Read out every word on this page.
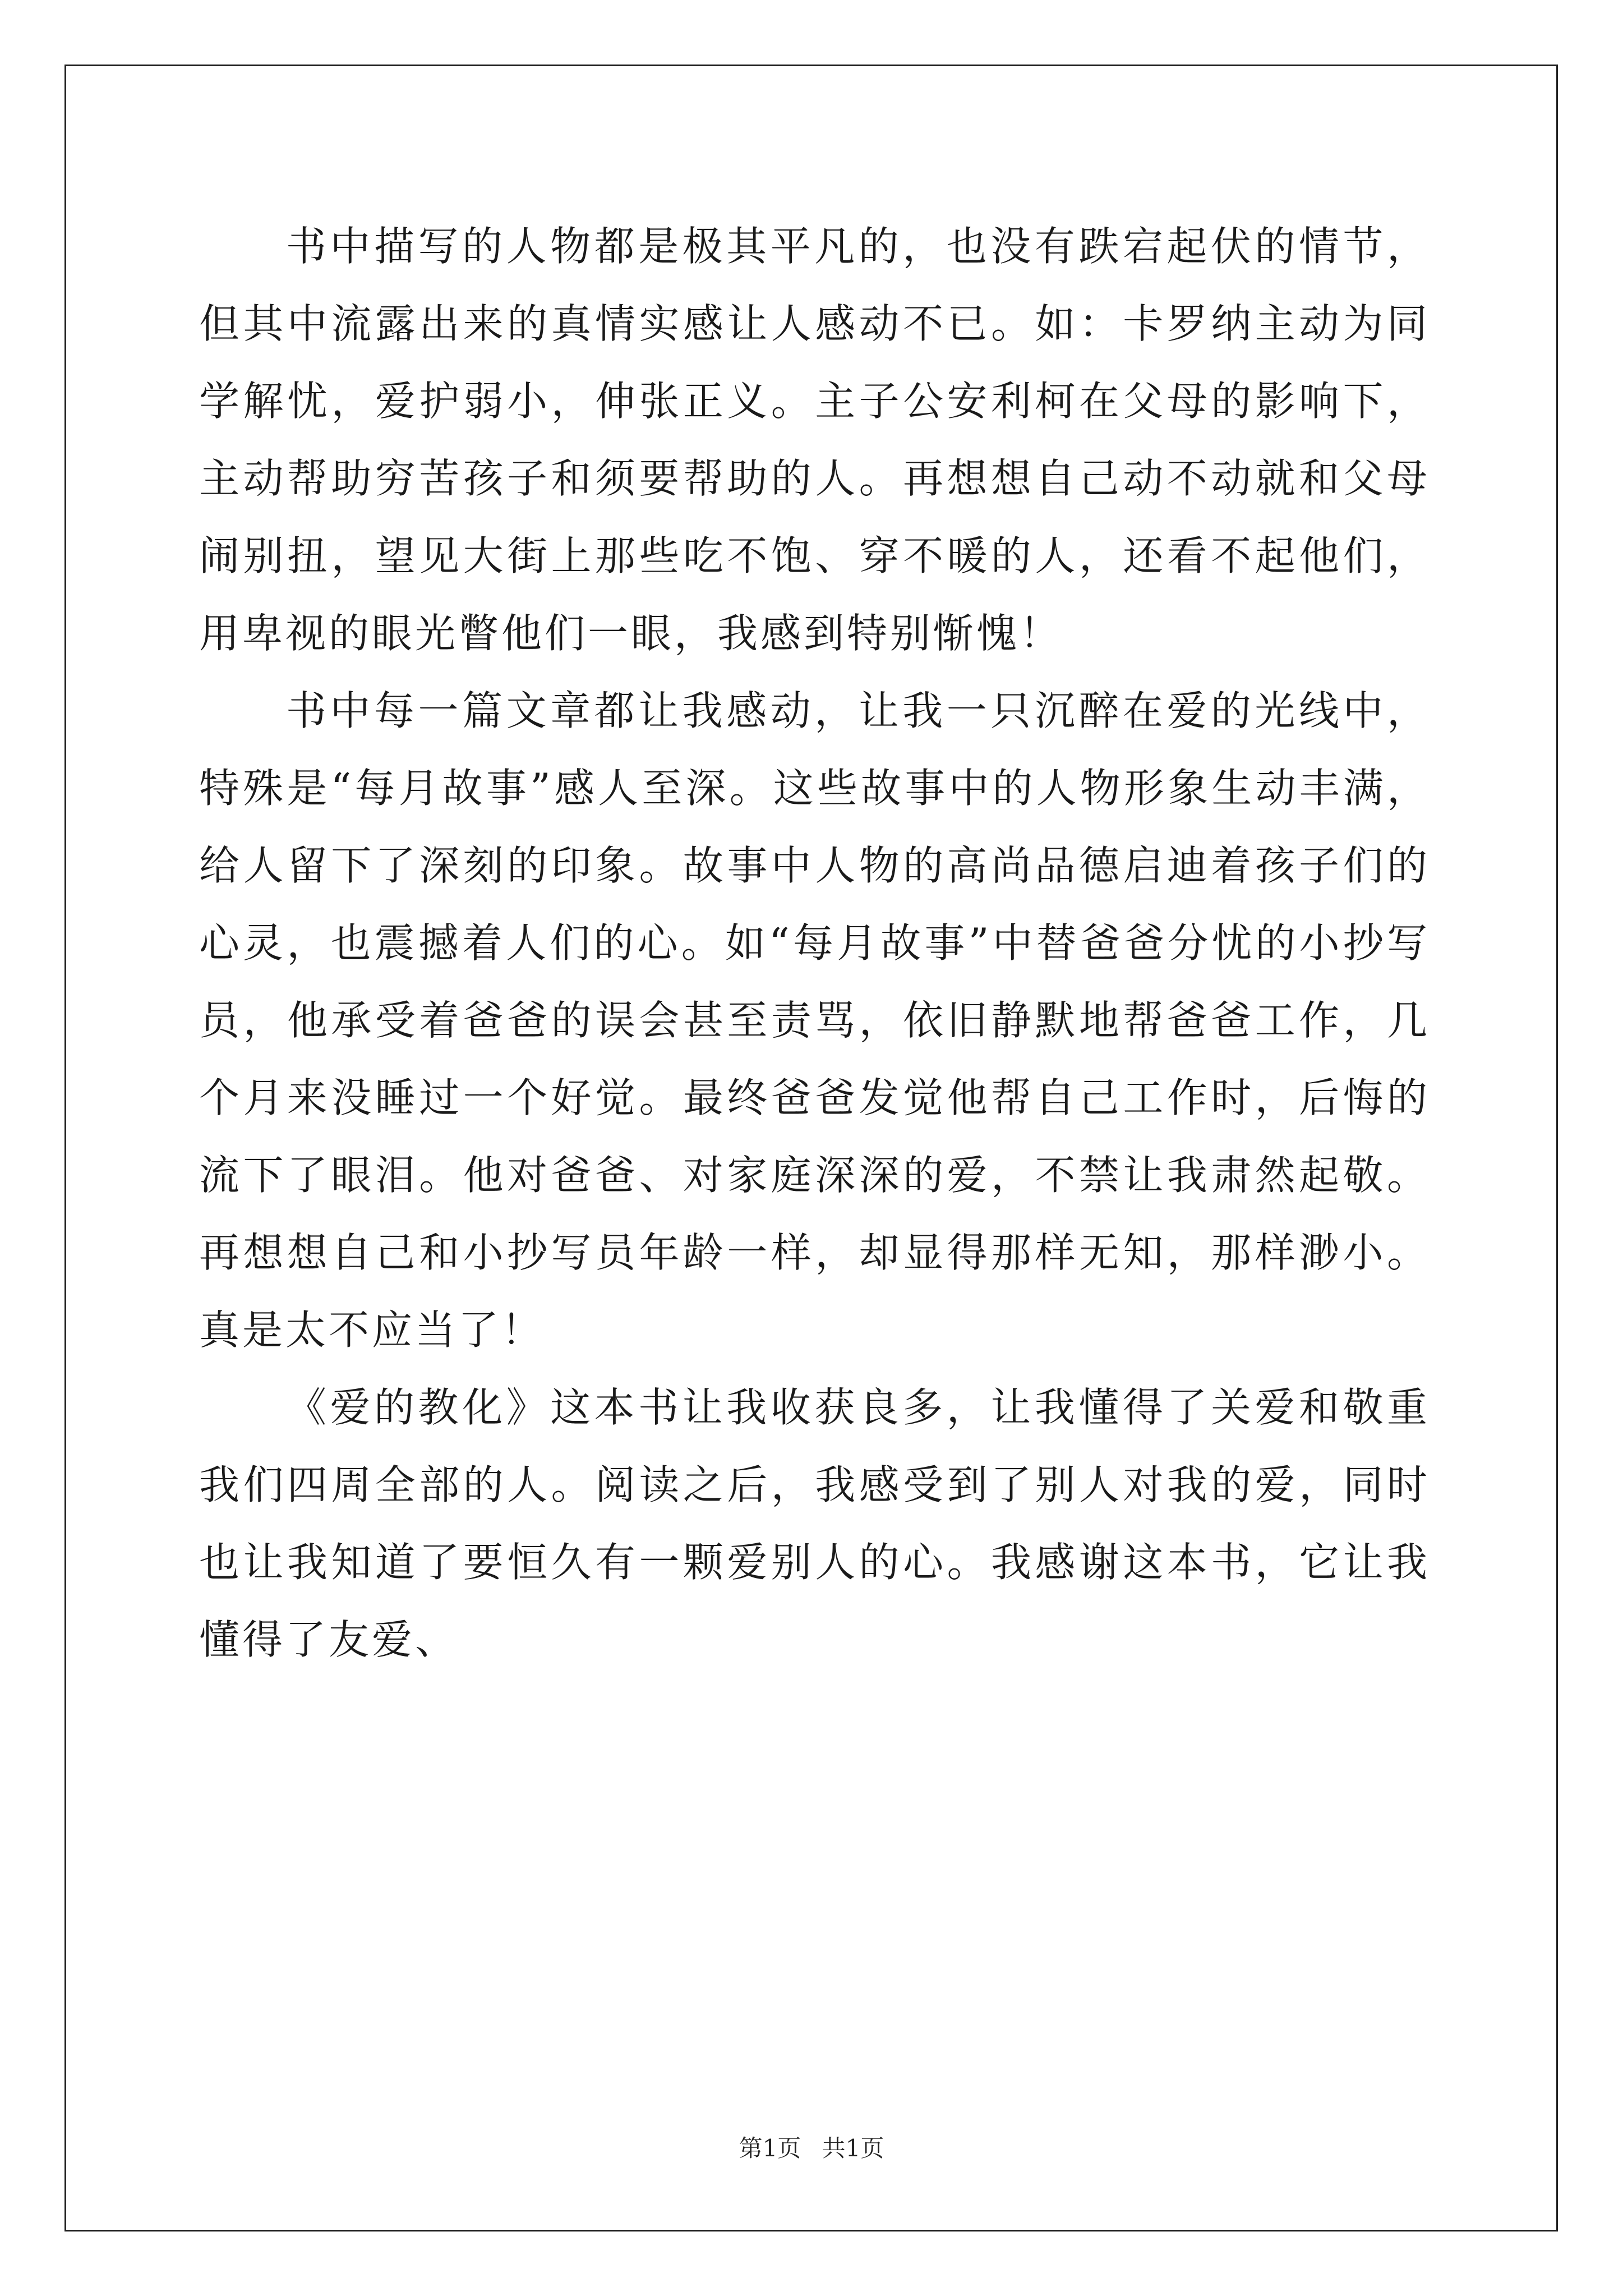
书中描写的人物都是极其平凡的，也没有跌宕起伏的情节，但其中流露出来的真情实感让人感动不已。如：卡罗纳主动为同学解忧，爱护弱小，伸张正义。主子公安利柯在父母的影响下，主动帮助穷苦孩子和须要帮助的人。再想想自己动不动就和父母闹别扭，望见大街上那些吃不饱、穿不暖的人，还看不起他们，用卑视的眼光瞥他们一眼，我感到特别惭愧！

书中每一篇文章都让我感动，让我一只沉醉在爱的光线中，特殊是“每月故事”感人至深。这些故事中的人物形象生动丰满，给人留下了深刻的印象。故事中人物的高尚品德启迪着孩子们的心灵，也震撼着人们的心。如“每月故事”中替爸爸分忧的小抄写员，他承受着爸爸的误会甚至责骂，依旧静默地帮爸爸工作，几个月来没睡过一个好觉。最终爸爸发觉他帮自己工作时，后悔的流下了眼泪。他对爸爸、对家庭深深的爱，不禁让我肃然起敬。再想想自己和小抄写员年龄一样，却显得那样无知，那样渺小。真是太不应当了！

《爱的教化》这本书让我收获良多，让我懂得了关爱和敬重我们四周全部的人。阅读之后，我感受到了别人对我的爱，同时也让我知道了要恒久有一颗爱别人的心。我感谢这本书，它让我懂得了友爱、

第1页 共1页
